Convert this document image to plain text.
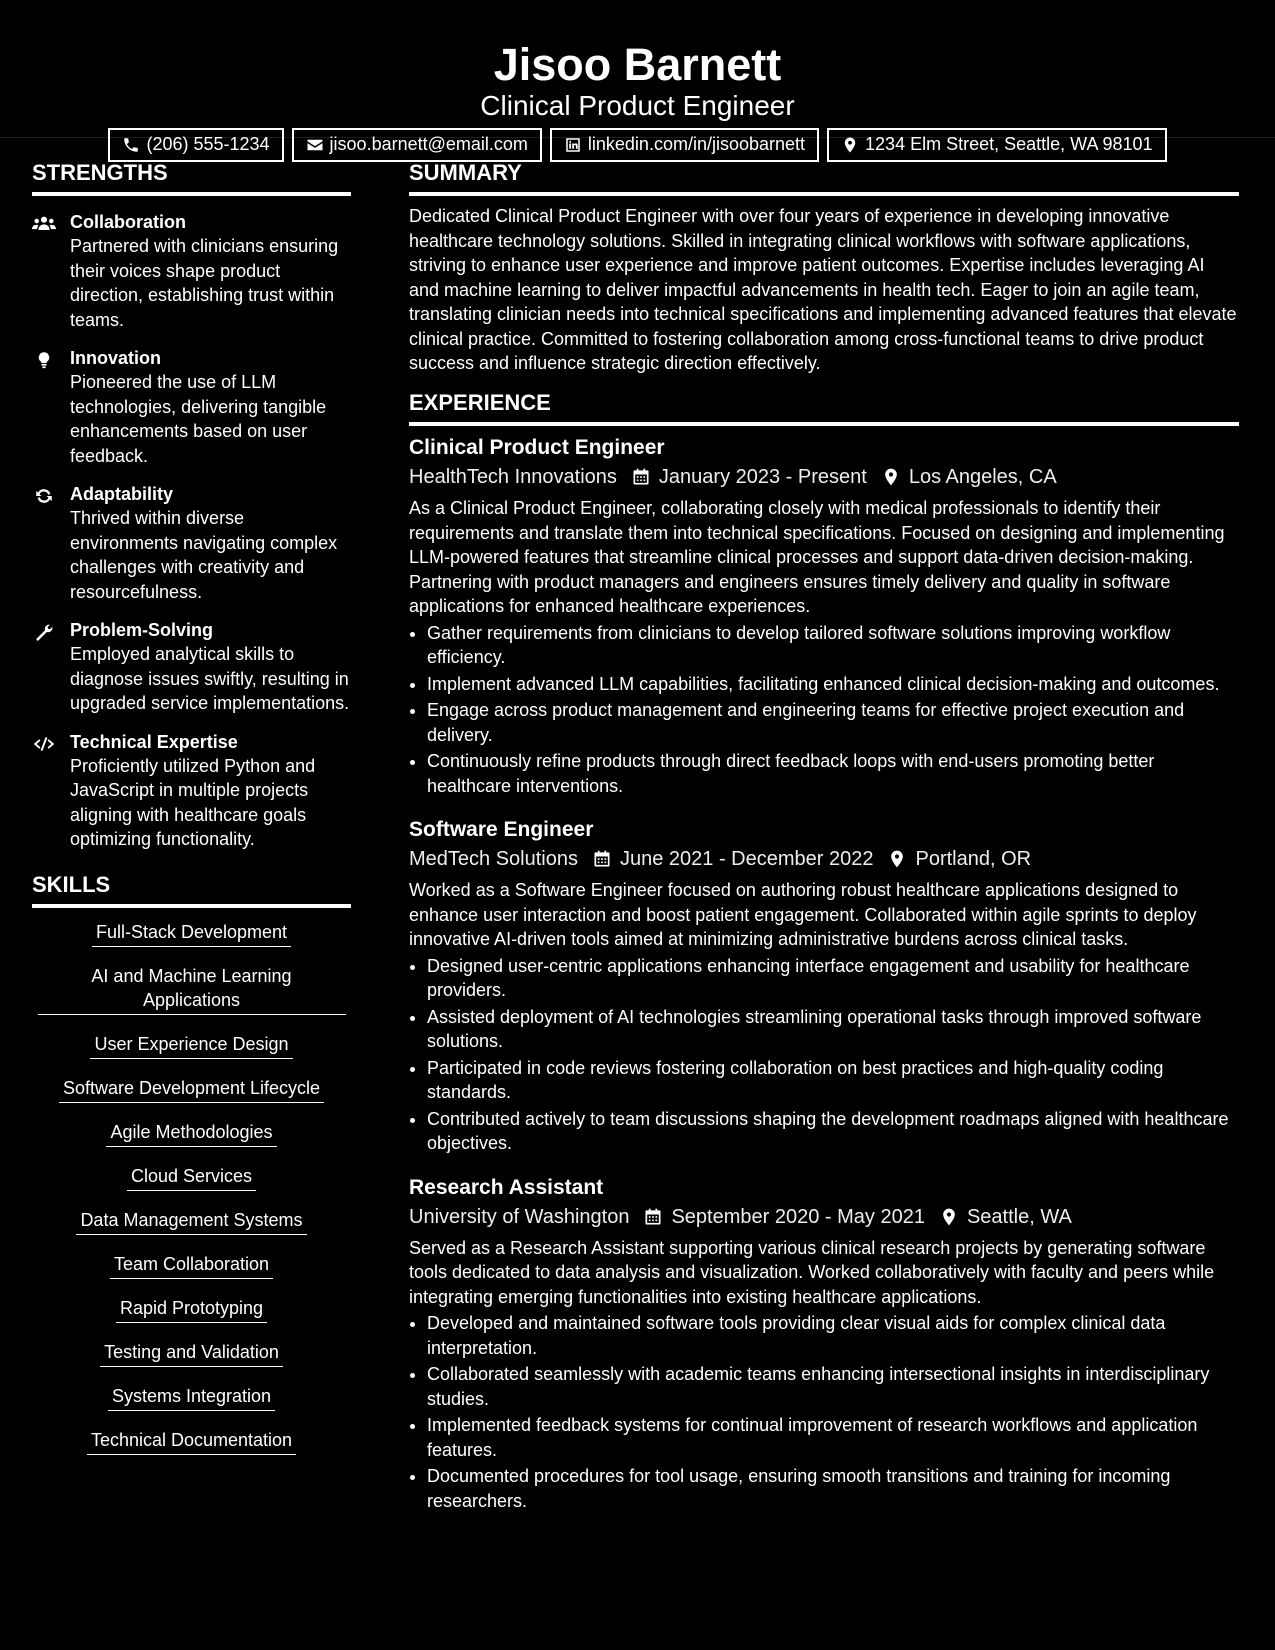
Jisoo Barnett
Clinical Product Engineer
(206) 555-1234	jisoo.barnett@email.com	linkedin.com/in/jisoobarnett	1234 Elm Street, Seattle, WA 98101
STRENGTHS
Collaboration
Partnered with clinicians ensuring their voices shape product direction, establishing trust within teams.
Innovation
Pioneered the use of LLM technologies, delivering tangible enhancements based on user feedback.
Adaptability
Thrived within diverse environments navigating complex challenges with creativity and resourcefulness.
Problem-Solving
Employed analytical skills to diagnose issues swiftly, resulting in upgraded service implementations.
Technical Expertise
Proficiently utilized Python and JavaScript in multiple projects aligning with healthcare goals optimizing functionality.
SKILLS
Full-Stack Development
AI and Machine Learning Applications
User Experience Design
Software Development Lifecycle
Agile Methodologies
Cloud Services
Data Management Systems
Team Collaboration
Rapid Prototyping
Testing and Validation
Systems Integration
Technical Documentation
SUMMARY

Dedicated Clinical Product Engineer with over four years of experience in developing innovative healthcare technology solutions. Skilled in integrating clinical workflows with software applications, striving to enhance user experience and improve patient outcomes. Expertise includes leveraging AI and machine learning to deliver impactful advancements in health tech. Eager to join an agile team, translating clinician needs into technical specifications and implementing advanced features that elevate clinical practice. Committed to fostering collaboration among cross-functional teams to drive product success and influence strategic direction effectively.

EXPERIENCE
Clinical Product Engineer
HealthTech Innovations January 2023 - Present Los Angeles, CA
As a Clinical Product Engineer, collaborating closely with medical professionals to identify their requirements and translate them into technical specifications. Focused on designing and implementing LLM-powered features that streamline clinical processes and support data-driven decision-making. Partnering with product managers and engineers ensures timely delivery and quality in software applications for enhanced healthcare experiences.
• Gather requirements from clinicians to develop tailored software solutions improving workflow efficiency.
• Implement advanced LLM capabilities, facilitating enhanced clinical decision-making and outcomes.
• Engage across product management and engineering teams for effective project execution and delivery.
• Continuously refine products through direct feedback loops with end-users promoting better healthcare interventions.
Software Engineer
MedTech Solutions June 2021 - December 2022 Portland, OR
Worked as a Software Engineer focused on authoring robust healthcare applications designed to enhance user interaction and boost patient engagement. Collaborated within agile sprints to deploy innovative AI-driven tools aimed at minimizing administrative burdens across clinical tasks.
• Designed user-centric applications enhancing interface engagement and usability for healthcare providers.
• Assisted deployment of AI technologies streamlining operational tasks through improved software solutions.
• Participated in code reviews fostering collaboration on best practices and high-quality coding standards.
• Contributed actively to team discussions shaping the development roadmaps aligned with healthcare objectives.
Research Assistant
University of Washington September 2020 - May 2021 Seattle, WA
Served as a Research Assistant supporting various clinical research projects by generating software tools dedicated to data analysis and visualization. Worked collaboratively with faculty and peers while integrating emerging functionalities into existing healthcare applications.
• Developed and maintained software tools providing clear visual aids for complex clinical data interpretation.
• Collaborated seamlessly with academic teams enhancing intersectional insights in interdisciplinary studies.
• Implemented feedback systems for continual improvement of research workflows and application features.
• Documented procedures for tool usage, ensuring smooth transitions and training for incoming researchers.
